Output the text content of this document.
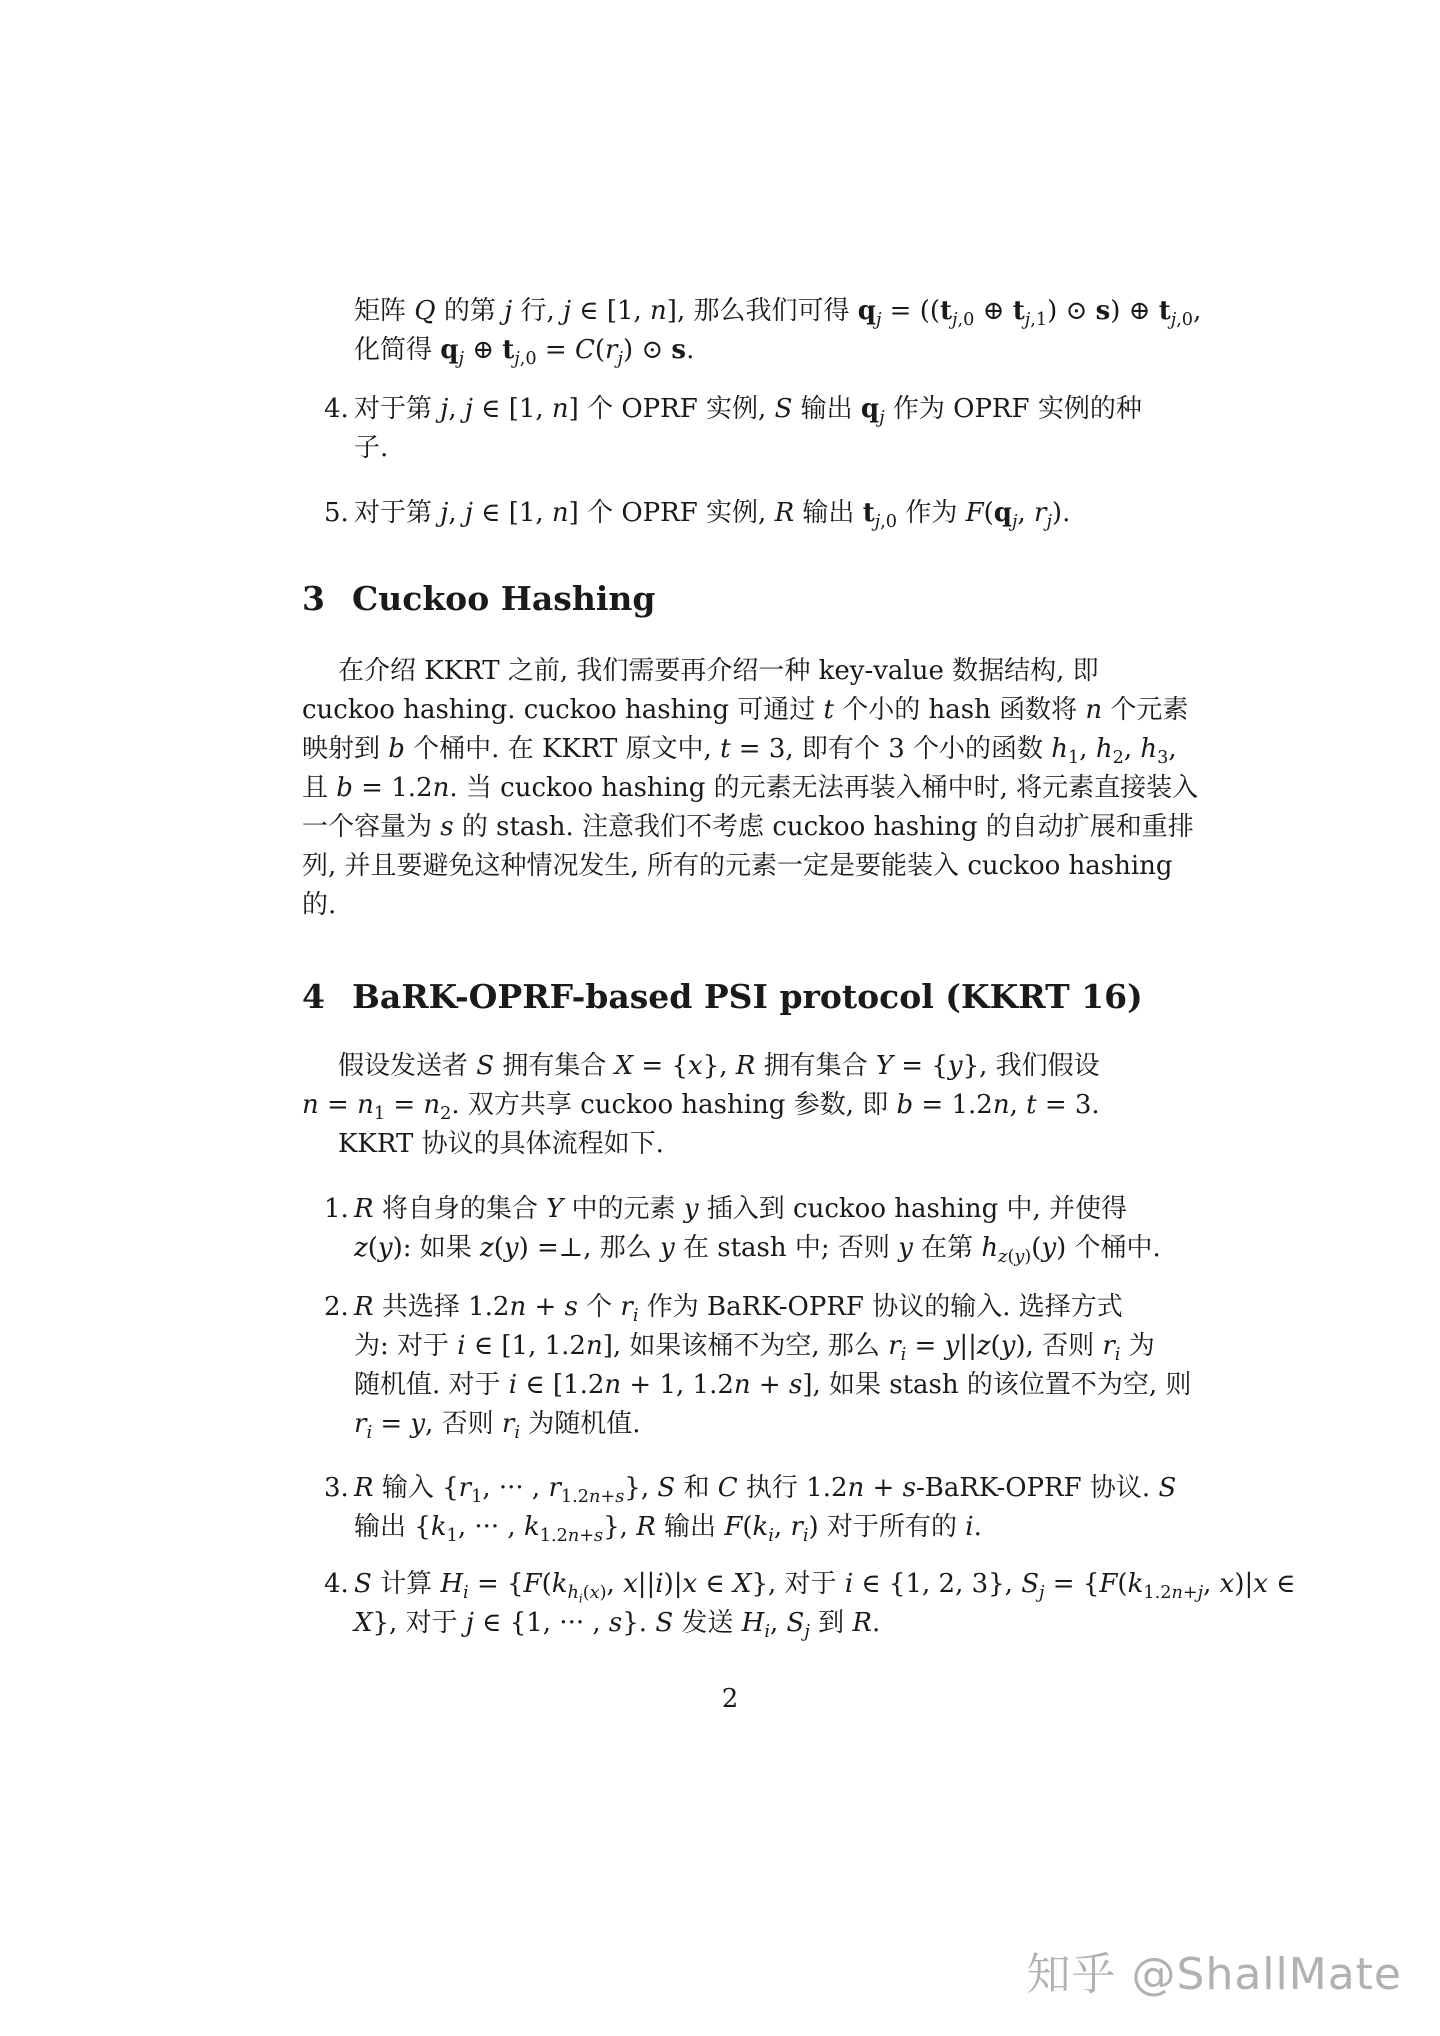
矩阵 Q 的第 j 行, j ∈ [1, n], 那么我们可得 $q_j = ((t_{j,0}$ ⊕ $t_{j,1}$) ⊙ s) ⊕ $t_{j,0}$,
化简得 $q_j$ ⊕ $t_{j,0} = C(r_j)$ ⊙ s.
4. 对于第 j, j ∈ [1, n] 个 OPRF 实例, S 输出 $q_j$ 作为 OPRF 实例的种
子.
5. 对于第 j, j ∈ [1, n] 个 OPRF 实例, R 输出 $t_{j,0}$ 作为 $F(q_j$, $r_j$).
3 Cuckoo Hashing
在介绍 KKRT 之前, 我们需要再介绍一种 key-value 数据结构, 即
cuckoo hashing. cuckoo hashing 可通过 t 个小的 hash 函数将 n 个元素
映射到 b 个桶中. 在 KKRT 原文中, t = 3, 即有个 3 个小的函数 $h_1$, $h_2$, $h_3$,
且 b = 1.2n. 当 cuckoo hashing 的元素无法再装入桶中时, 将元素直接装入
一个容量为 s 的 stash. 注意我们不考虑 cuckoo hashing 的自动扩展和重排
列, 并且要避免这种情况发生, 所有的元素一定是要能装入 cuckoo hashing
的.
4 BaRK-OPRF-based PSI protocol (KKRT 16)
假设发送者 S 拥有集合 X = {x}, R 拥有集合 Y = {y}, 我们假设
$n = n_1 = n_2$. 双方共享 cuckoo hashing 参数, 即 b = 1.2n, t = 3.
KKRT 协议的具体流程如下.
1. R 将自身的集合 Y 中的元素 y 插入到 cuckoo hashing 中, 并使得
z(y): 如果 z(y) =⊥, 那么 y 在 stash 中; 否则 y 在第 $h_{z(y)}(y)$ 个桶中.
2. R 共选择 1.2n + s 个 $r_i$ 作为 BaRK-OPRF 协议的输入. 选择方式
为: 对于 i ∈ [1, 1.2n], 如果该桶不为空, 那么 $r_i = y||z(y)$, 否则 $r_i$ 为
随机值. 对于 i ∈ [1.2n + 1, 1.2n + s], 如果 stash 的该位置不为空, 则
$r_i = y$, 否则 $r_i$ 为随机值.
3. R 输入 {$r_1$, ··· , $r_{1.2n+s}$}, S 和 C 执行 1.2n + s-BaRK-OPRF 协议. S
输出 {$k_1$, ··· , $k_{1.2n+s}$}, R 输出 $F(k_i$, $r_i$) 对于所有的 i.
4. S 计算 $H_i = \{F(k_{h_i(x)}$, x||i)|x ∈ X}, 对于 i ∈ {1, 2, 3}, $S_j = \{F(k_{1.2n+j}$, x)|x ∈
X}, 对于 j ∈ {1, ··· , s}. S 发送 $H_i$, $S_j$ 到 R.
2
知乎 @ShallMate
